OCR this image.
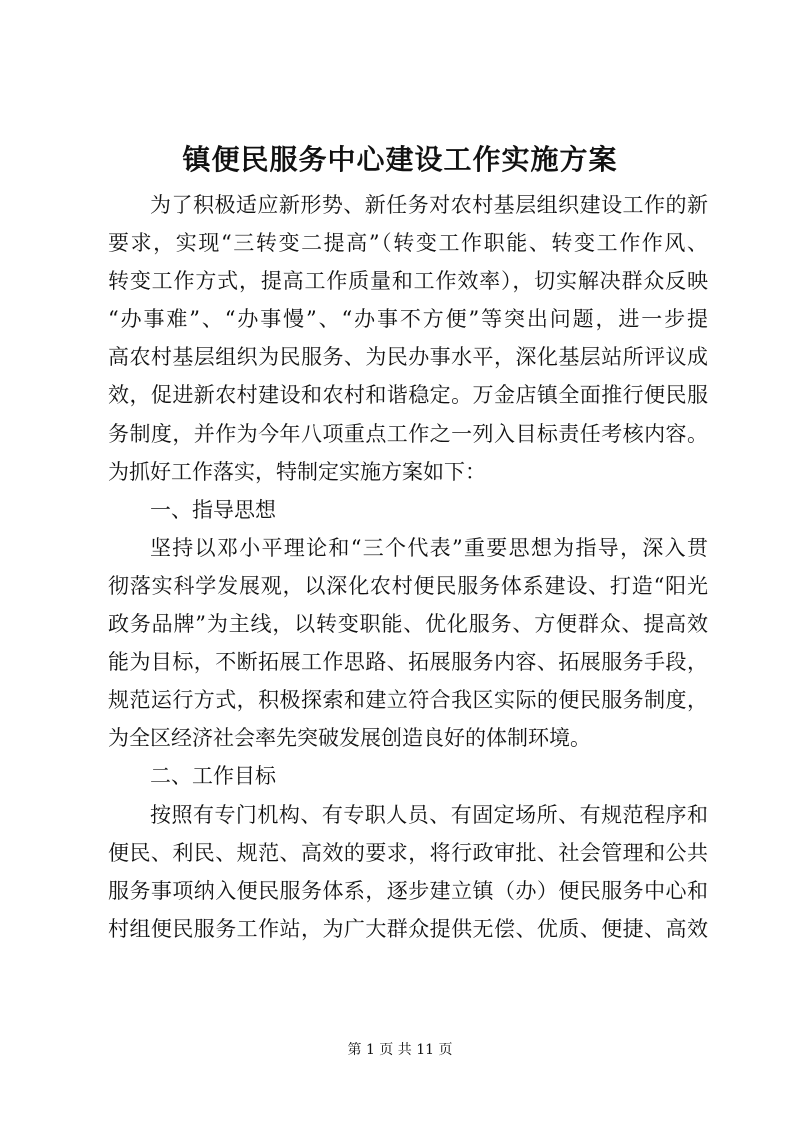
镇便民服务中心建设工作实施方案
为了积极适应新形势、新任务对农村基层组织建设工作的新
要求，实现“三转变二提高”（转变工作职能、转变工作作风、
转变工作方式，提高工作质量和工作效率），切实解决群众反映
“办事难”、“办事慢”、“办事不方便”等突出问题，进一步提
高农村基层组织为民服务、为民办事水平，深化基层站所评议成
效，促进新农村建设和农村和谐稳定。万金店镇全面推行便民服
务制度，并作为今年八项重点工作之一列入目标责任考核内容。
为抓好工作落实，特制定实施方案如下：
一、指导思想
坚持以邓小平理论和“三个代表”重要思想为指导，深入贯
彻落实科学发展观，以深化农村便民服务体系建设、打造“阳光
政务品牌”为主线，以转变职能、优化服务、方便群众、提高效
能为目标，不断拓展工作思路、拓展服务内容、拓展服务手段，
规范运行方式，积极探索和建立符合我区实际的便民服务制度，
为全区经济社会率先突破发展创造良好的体制环境。
二、工作目标
按照有专门机构、有专职人员、有固定场所、有规范程序和
便民、利民、规范、高效的要求，将行政审批、社会管理和公共
服务事项纳入便民服务体系，逐步建立镇（办）便民服务中心和
村组便民服务工作站，为广大群众提供无偿、优质、便捷、高效
第 1 页 共 11 页
